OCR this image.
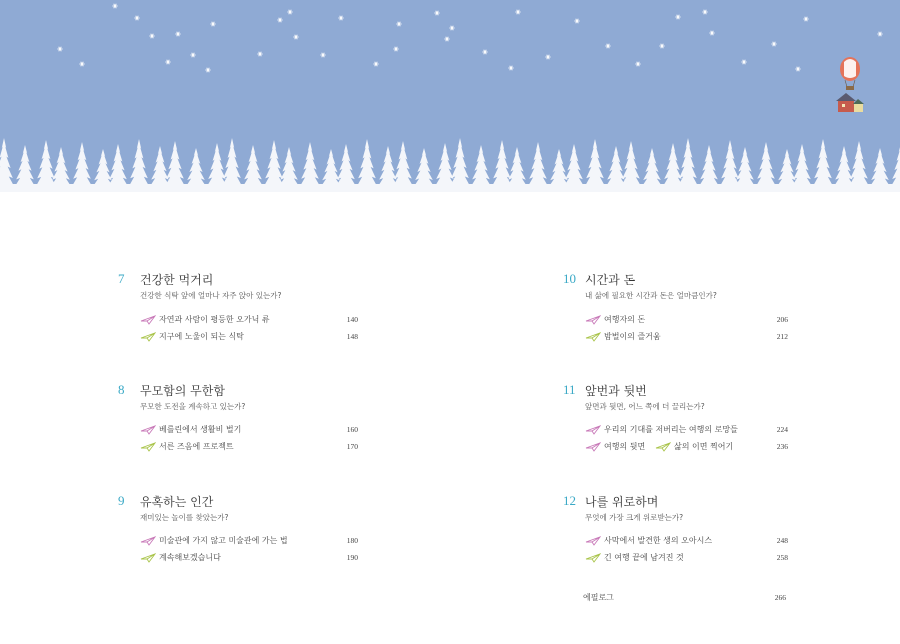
7 건강한 먹거리
건강한 식탁 앞에 얼마나 자주 앉아 있는가?
자연과 사람이 평등한 오가닉 류	140
지구에 노울이 되는 식탁	148
8 무모함의 무한함
무모한 도전을 계속하고 있는가?
베를린에서 생활비 벌기	160
서른 즈음에 프로젝트	170
9 유혹하는 인간
재미있는 놀이를 찾았는가?
미술관에 가지 않고 미술관에 가는 법	180
계속해보겠습니다	190
10 시간과 돈
내 삶에 필요한 시간과 돈은 얼마큼인가?
여행자의 돈	206
밤벌이의 즐거움	212
11 앞번과 뒷번
앞면과 뒷면, 어느 쪽에 더 끌리는가?
우리의 기대를 저버리는 여행의 로망들	224
여행의 뒷면	삶의 이면 찍어기	236
12 나를 위로하며
무엇에 가장 크게 위로받는가?
사막에서 발견한 생의 오아시스	248
긴 여행 끝에 남겨진 것	258
에필로그	266
